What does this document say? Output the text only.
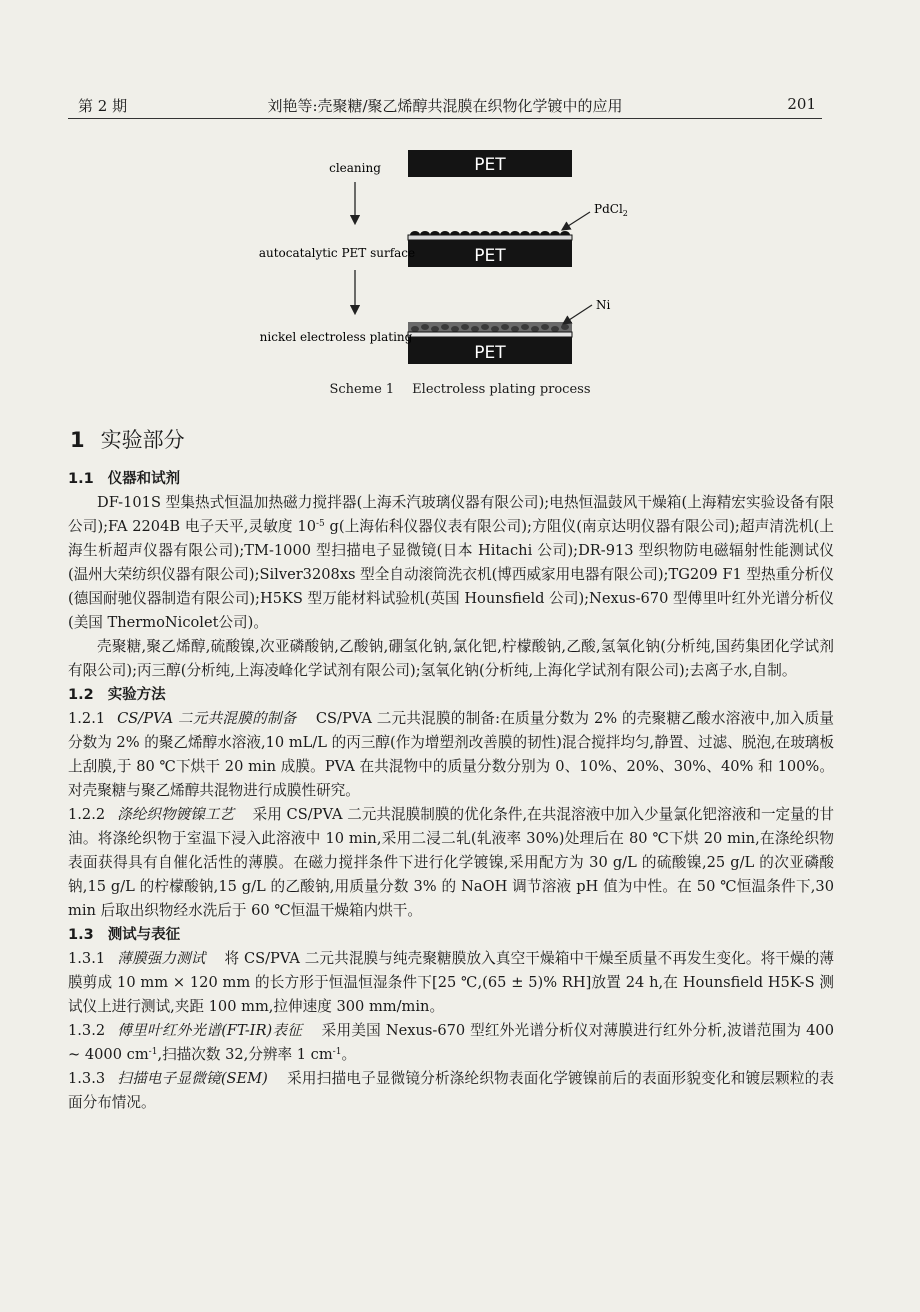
第 2 期	刘艳等:壳聚糖/聚乙烯醇共混膜在织物化学镀中的应用	201
cleaning	PET
PET
autocatalytic PET surface
PdCl$_2$
PET
nickel electroless plating
Ni
Scheme 1 Electroless plating process
1 实验部分
1.1 仪器和试剂

DF-101S 型集热式恒温加热磁力搅拌器(上海禾汽玻璃仪器有限公司);电热恒温鼓风干燥箱(上海精宏实验设备有限公司);FA 2204B 电子天平,灵敏度 $10^{-5}$ g(上海佑科仪器仪表有限公司);方阻仪(南京达明仪器有限公司);超声清洗机(上海生析超声仪器有限公司);TM-1000 型扫描电子显微镜(日本 Hitachi 公司);DR-913 型织物防电磁辐射性能测试仪(温州大荣纺织仪器有限公司);Silver3208xs 型全自动滚筒洗衣机(博西威家用电器有限公司);TG209 F1 型热重分析仪(德国耐驰仪器制造有限公司);H5KS 型万能材料试验机(英国 Hounsfield 公司);Nexus-670 型傅里叶红外光谱分析仪(美国 ThermoNicolet公司)。

壳聚糖,聚乙烯醇,硫酸镍,次亚磷酸钠,乙酸钠,硼氢化钠,氯化钯,柠檬酸钠,乙酸,氢氧化钠(分析纯,国药集团化学试剂有限公司);丙三醇(分析纯,上海凌峰化学试剂有限公司);氢氧化钠(分析纯,上海化学试剂有限公司);去离子水,自制。

1.2 实验方法

1.2.1 CS/PVA 二元共混膜的制备 CS/PVA 二元共混膜的制备:在质量分数为 2% 的壳聚糖乙酸水溶液中,加入质量分数为 2% 的聚乙烯醇水溶液,10 mL/L 的丙三醇(作为增塑剂改善膜的韧性)混合搅拌均匀,静置、过滤、脱泡,在玻璃板上刮膜,于 80 ℃下烘干 20 min 成膜。PVA 在共混物中的质量分数分别为 0、10%、20%、30%、40% 和 100%。对壳聚糖与聚乙烯醇共混物进行成膜性研究。

1.2.2 涤纶织物镀镍工艺 采用 CS/PVA 二元共混膜制膜的优化条件,在共混溶液中加入少量氯化钯溶液和一定量的甘油。将涤纶织物于室温下浸入此溶液中 10 min,采用二浸二轧(轧液率 30%)处理后在 80 ℃下烘 20 min,在涤纶织物表面获得具有自催化活性的薄膜。在磁力搅拌条件下进行化学镀镍,采用配方为 30 g/L 的硫酸镍,25 g/L 的次亚磷酸钠,15 g/L 的柠檬酸钠,15 g/L 的乙酸钠,用质量分数 3% 的 NaOH 调节溶液 pH 值为中性。在 50 ℃恒温条件下,30 min 后取出织物经水洗后于 60 ℃恒温干燥箱内烘干。

1.3 测试与表征

1.3.1 薄膜强力测试 将 CS/PVA 二元共混膜与纯壳聚糖膜放入真空干燥箱中干燥至质量不再发生变化。将干燥的薄膜剪成 10 mm × 120 mm 的长方形于恒温恒湿条件下[25 ℃,(65 ± 5)% RH]放置 24 h,在 Hounsfield H5K-S 测试仪上进行测试,夹距 100 mm,拉伸速度 300 mm/min。

1.3.2 傅里叶红外光谱(FT-IR)表征 采用美国 Nexus-670 型红外光谱分析仪对薄膜进行红外分析,波谱范围为 400 ~ 4000 $cm^{-1}$,扫描次数 32,分辨率 1 $cm^{-1}$。

1.3.3 扫描电子显微镜(SEM) 采用扫描电子显微镜分析涤纶织物表面化学镀镍前后的表面形貌变化和镀层颗粒的表面分布情况。
